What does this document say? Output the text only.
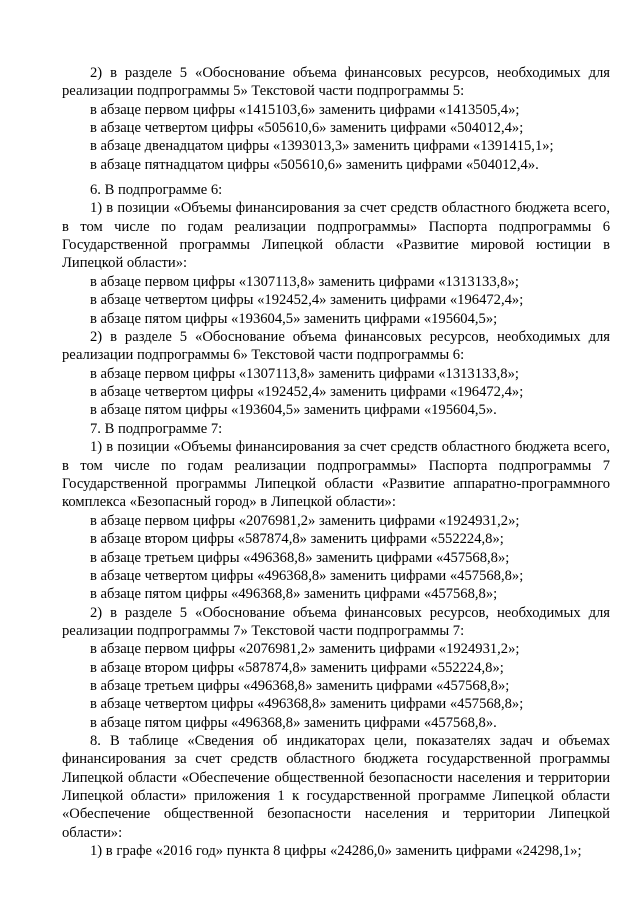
2) в разделе 5 «Обоснование объема финансовых ресурсов, необходимых для реализации подпрограммы 5» Текстовой части подпрограммы 5:

в абзаце первом цифры «1415103,6» заменить цифрами «1413505,4»;

в абзаце четвертом цифры «505610,6» заменить цифрами «504012,4»;

в абзаце двенадцатом цифры «1393013,3» заменить цифрами «1391415,1»;

в абзаце пятнадцатом цифры «505610,6» заменить цифрами «504012,4».

6. В подпрограмме 6:

1) в позиции «Объемы финансирования за счет средств областного бюджета всего, в том числе по годам реализации подпрограммы» Паспорта подпрограммы 6 Государственной программы Липецкой области «Развитие мировой юстиции в Липецкой области»:

в абзаце первом цифры «1307113,8» заменить цифрами «1313133,8»;

в абзаце четвертом цифры «192452,4» заменить цифрами «196472,4»;

в абзаце пятом цифры «193604,5» заменить цифрами «195604,5»;

2) в разделе 5 «Обоснование объема финансовых ресурсов, необходимых для реализации подпрограммы 6» Текстовой части подпрограммы 6:

в абзаце первом цифры «1307113,8» заменить цифрами «1313133,8»;

в абзаце четвертом цифры «192452,4» заменить цифрами «196472,4»;

в абзаце пятом цифры «193604,5» заменить цифрами «195604,5».

7. В подпрограмме 7:

1) в позиции «Объемы финансирования за счет средств областного бюджета всего, в том числе по годам реализации подпрограммы» Паспорта подпрограммы 7 Государственной программы Липецкой области «Развитие аппаратно-программного комплекса «Безопасный город» в Липецкой области»:

в абзаце первом цифры «2076981,2» заменить цифрами «1924931,2»;

в абзаце втором цифры «587874,8» заменить цифрами «552224,8»;

в абзаце третьем цифры «496368,8» заменить цифрами «457568,8»;

в абзаце четвертом цифры «496368,8» заменить цифрами «457568,8»;

в абзаце пятом цифры «496368,8» заменить цифрами «457568,8»;

2) в разделе 5 «Обоснование объема финансовых ресурсов, необходимых для реализации подпрограммы 7» Текстовой части подпрограммы 7:

в абзаце первом цифры «2076981,2» заменить цифрами «1924931,2»;

в абзаце втором цифры «587874,8» заменить цифрами «552224,8»;

в абзаце третьем цифры «496368,8» заменить цифрами «457568,8»;

в абзаце четвертом цифры «496368,8» заменить цифрами «457568,8»;

в абзаце пятом цифры «496368,8» заменить цифрами «457568,8».

8. В таблице «Сведения об индикаторах цели, показателях задач и объемах финансирования за счет средств областного бюджета государственной программы Липецкой области «Обеспечение общественной безопасности населения и территории Липецкой области» приложения 1 к государственной программе Липецкой области «Обеспечение общественной безопасности населения и территории Липецкой области»:

1) в графе «2016 год» пункта 8 цифры «24286,0» заменить цифрами «24298,1»;
